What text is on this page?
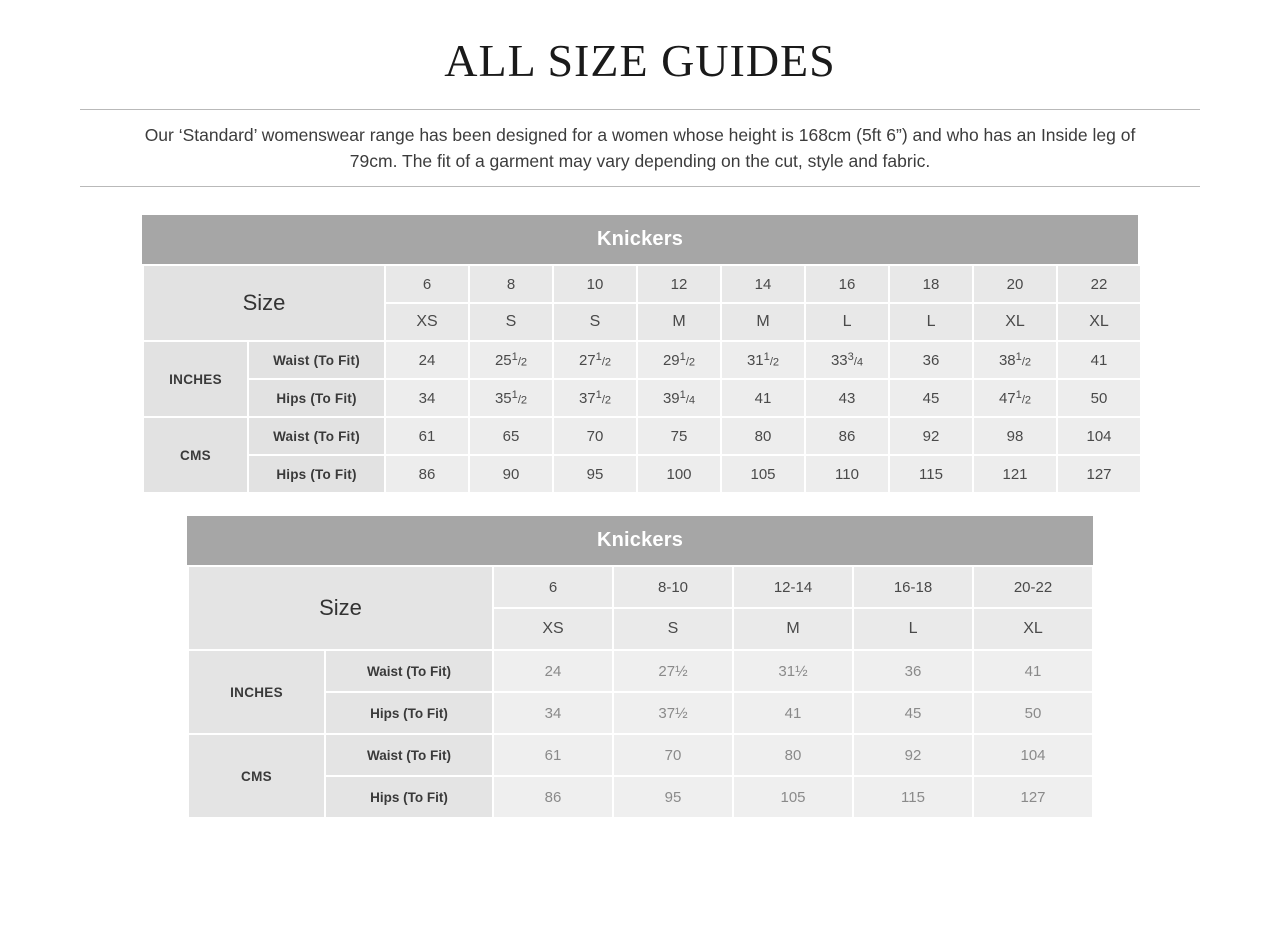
ALL SIZE GUIDES

Our ‘Standard’ womenswear range has been designed for a women whose height is 168cm (5ft 6”) and who has an Inside leg of 79cm. The fit of a garment may vary depending on the cut, style and fabric.

Knickers
Size		6	8	10	12	14	16	18	20	22
		XS	S	S	M	M	L	L	XL	XL
INCHES	Waist (To Fit)	24	$25^1/_2$	$27^1/_2$	$29^1/_2$	$31^1/_2$	$33^3/_4$	36	$38^1/_2$	41
	Hips (To Fit)	34	$35^1/_2$	$37^1/_2$	$39^1/_4$	41	43	45	$47^1/_2$	50
CMS	Waist (To Fit)	61	65	70	75	80	86	92	98	104
	Hips (To Fit)	86	90	95	100	105	110	115	121	127
Knickers
Size		6	8-10	12-14	16-18	20-22
		XS	S	M	L	XL
INCHES	Waist (To Fit)	24	27½	31½	36	41
	Hips (To Fit)	34	37½	41	45	50
CMS	Waist (To Fit)	61	70	80	92	104
	Hips (To Fit)	86	95	105	115	127
